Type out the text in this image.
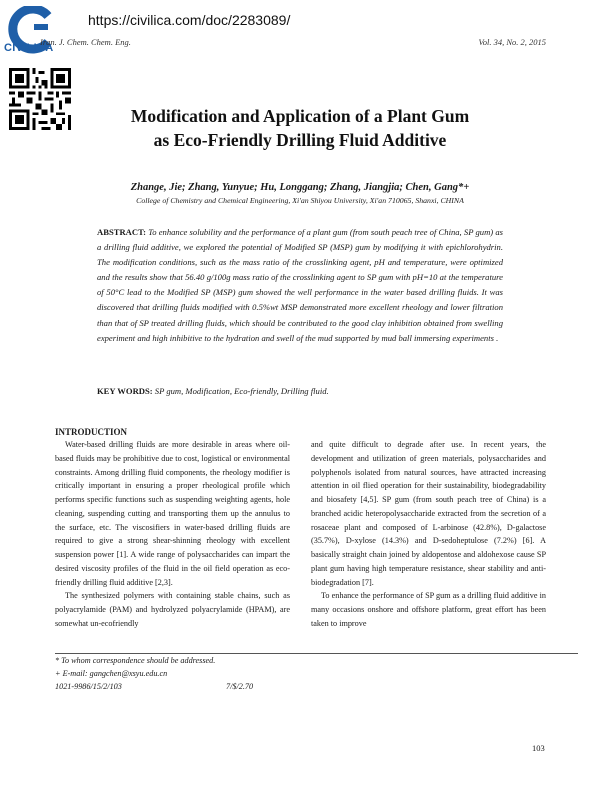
CIVILICA
https://civilica.com/doc/2283089/
Iran. J. Chem. Chem. Eng.	Vol. 34, No. 2, 2015
Modification and Application of a Plant Gum
as Eco-Friendly Drilling Fluid Additive
Zhange, Jie; Zhang, Yunyue; Hu, Longgang; Zhang, Jiangjia; Chen, Gang*+
College of Chemistry and Chemical Engineering, Xi'an Shiyou University, Xi'an 710065, Shanxi, CHINA
ABSTRACT: To enhance solubility and the performance of a plant gum (from south peach tree of China, SP gum) as a drilling fluid additive, we explored the potential of Modified SP (MSP) gum by modifying it with epichlorohydrin. The modification conditions, such as the mass ratio of the crosslinking agent, pH and temperature, were optimized and the results show that 56.40 g/100g mass ratio of the crosslinking agent to SP gum with pH=10 at the temperature of 50°C lead to the Modified SP (MSP) gum showed the well performance in the water based drilling fluids. It was discovered that drilling fluids modified with 0.5%wt MSP demonstrated more excellent rheology and lower filtration than that of SP treated drilling fluids, which should be contributed to the good clay inhibition obtained from swelling experiment and high inhibitive to the hydration and swell of the mud supported by mud ball immersing experiments .
KEY WORDS: SP gum, Modification, Eco-friendly, Drilling fluid.
INTRODUCTION

Water-based drilling fluids are more desirable in areas where oil-based fluids may be prohibitive due to cost, logistical or environmental constraints. Among drilling fluid components, the rheology modifier is critically important in ensuring a proper rheological profile which performs specific functions such as suspending weighting agents, hole cleaning, suspending cutting and transporting them up the annulus to the surface, etc. The viscosifiers in water-based drilling fluids are required to give a strong shear-shinning rheology with excellent suspension power [1]. A wide range of polysaccharides can impart the desired viscosity profiles of the fluid in the oil field operation as eco-friendly drilling fluid additive [2,3].

The synthesized polymers with containing stable chains, such as polyacrylamide (PAM) and hydrolyzed polyacrylamide (HPAM), are somewhat un-ecofriendly

and quite difficult to degrade after use. In recent years, the development and utilization of green materials, polysaccharides and polyphenols isolated from natural sources, have attracted increasing attention in oil flied operation for their sustainability, biodegradability and biosafety [4,5]. SP gum (from south peach tree of China) is a branched acidic heteropolysaccharide extracted from the secretion of a rosaceae plant and composed of L-arbinose (42.8%), D-galactose (35.7%), D-xylose (14.3%) and D-sedoheptulose (7.2%) [6]. A basically straight chain joined by aldopentose and aldohexose cause SP plant gum having high temperature resistance, shear stability and anti-biodegradation [7].

To enhance the performance of SP gum as a drilling fluid additive in many occasions onshore and offshore platform, great effort has been taken to improve

* To whom correspondence should be addressed.
+ E-mail: gangchen@xsyu.edu.cn
1021-9986/15/2/103	7/$/2.70
103
